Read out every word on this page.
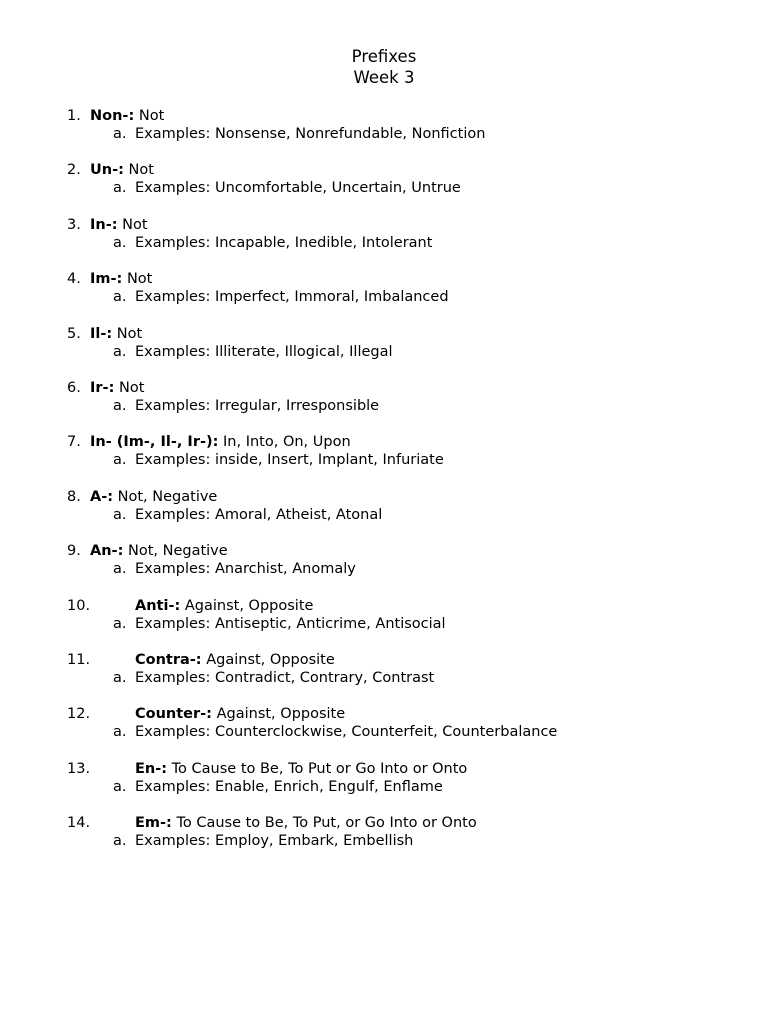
Prefixes
Week 3
1. Non-: Not
a. Examples: Nonsense, Nonrefundable, Nonfiction
2. Un-: Not
a. Examples: Uncomfortable, Uncertain, Untrue
3. In-: Not
a. Examples: Incapable, Inedible, Intolerant
4. Im-: Not
a. Examples: Imperfect, Immoral, Imbalanced
5. Il-: Not
a. Examples: Illiterate, Illogical, Illegal
6. Ir-: Not
a. Examples: Irregular, Irresponsible
7. In- (Im-, Il-, Ir-): In, Into, On, Upon
a. Examples: inside, Insert, Implant, Infuriate
8. A-: Not, Negative
a. Examples: Amoral, Atheist, Atonal
9. An-: Not, Negative
a. Examples: Anarchist, Anomaly
10.	Anti-: Against, Opposite
a. Examples: Antiseptic, Anticrime, Antisocial
11.	Contra-: Against, Opposite
a. Examples: Contradict, Contrary, Contrast
12.	Counter-: Against, Opposite
a. Examples: Counterclockwise, Counterfeit, Counterbalance
13.	En-: To Cause to Be, To Put or Go Into or Onto
a. Examples: Enable, Enrich, Engulf, Enflame
14.	Em-: To Cause to Be, To Put, or Go Into or Onto
a. Examples: Employ, Embark, Embellish
